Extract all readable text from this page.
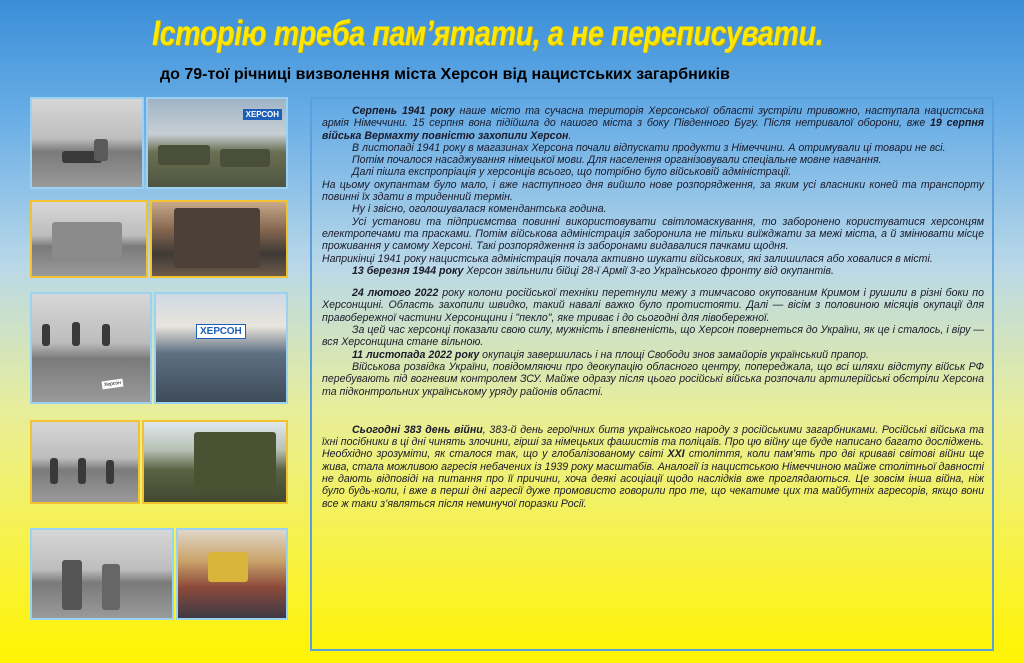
Історію треба пам’ятати, а не переписувати.
до 79-тої річниці визволення міста Херсон від нацистських загарбників
ХЕРСОН
Херсон
ХЕРСОН

Серпень 1941 року наше місто та сучасна територія Херсонської області зустріли тривожно, наступала нацистська армія Німеччини. 15 серпня вона підійшла до нашого міста з боку Південного Бугу. Після нетривалої оборони, вже 19 серпня війська Вермахту повністю захопили Херсон.

В листопаді 1941 року в магазинах Херсона почали відпускати продукти з Німеччини. А отримували ці товари не всі.

Потім почалося насаджування німецької мови. Для населення організовували спеціальне мовне навчання.

Далі пішла експропріація у херсонців всього, що потрібно було військовій адміністрації.

На цьому окупантам було мало, і вже наступного дня вийшло нове розпорядження, за яким усі власники коней та транспорту повинні їх здати в триденний термін.

Ну і звісно, оголошувалася комендантська година.

Усі установи та підприємства повинні використовувати світломаскування, то заборонено користуватися херсонцям електропечами та прасками. Потім військова адміністрація заборонила не тільки виїжджати за межі міста, а й змінювати місце проживання у самому Херсоні. Такі розпорядження із заборонами видавалися пачками щодня.

Наприкінці 1941 року нацистська адміністрація почала активно шукати військових, які залишилася або ховалися в місті.

13 березня 1944 року Херсон звільнили бійці 28-ї Армії 3-го Українського фронту від окупантів.

24 лютого 2022 року колони російської техніки перетнули межу з тимчасово окупованим Кримом і рушили в різні боки по Херсонщині. Область захопили швидко, такий навалі важко було протистояти. Далі — вісім з половиною місяців окупації для правобережної частини Херсонщини і "пекло", яке триває і до сьогодні для лівобережної.

За цей час херсонці показали свою силу, мужність і впевненість, що Херсон повернеться до України, як це і сталось, і віру — вся Херсонщина стане вільною.

11 листопада 2022 року окупація завершилась і на площі Свободи знов замайорів український прапор.

Військова розвідка України, повідомляючи про деокупацію обласного центру, попереджала, що всі шляхи відступу військ РФ перебувають під вогневим контролем ЗСУ. Майже одразу після цього російські війська розпочали артилерійські обстріли Херсона та підконтрольних українському уряду районів області.

Сьогодні 383 день війни, 383-й день героїчних битв українського народу з російськими загарбниками. Російські війська та їхні посібники в ці дні чинять злочини, гірші за німецьких фашистів та поліцаїв. Про цю війну ще буде написано багато досліджень. Необхідно зрозуміти, як сталося так, що у глобалізованому світі ХХІ століття, коли пам’ять про дві криваві світові війни ще жива, стала можливою агресія небачених із 1939 року масштабів. Аналогії із нацистською Німеччиною майже столітньої давності не дають відповіді на питання про її причини, хоча деякі асоціації щодо наслідків вже проглядаються. Це зовсім інша війна, ніж було будь-коли, і вже в перші дні агресії дуже промовисто говорили про те, що чекатиме цих та майбутніх агресорів, якщо вони все ж таки з’являться після неминучої поразки Росії.
